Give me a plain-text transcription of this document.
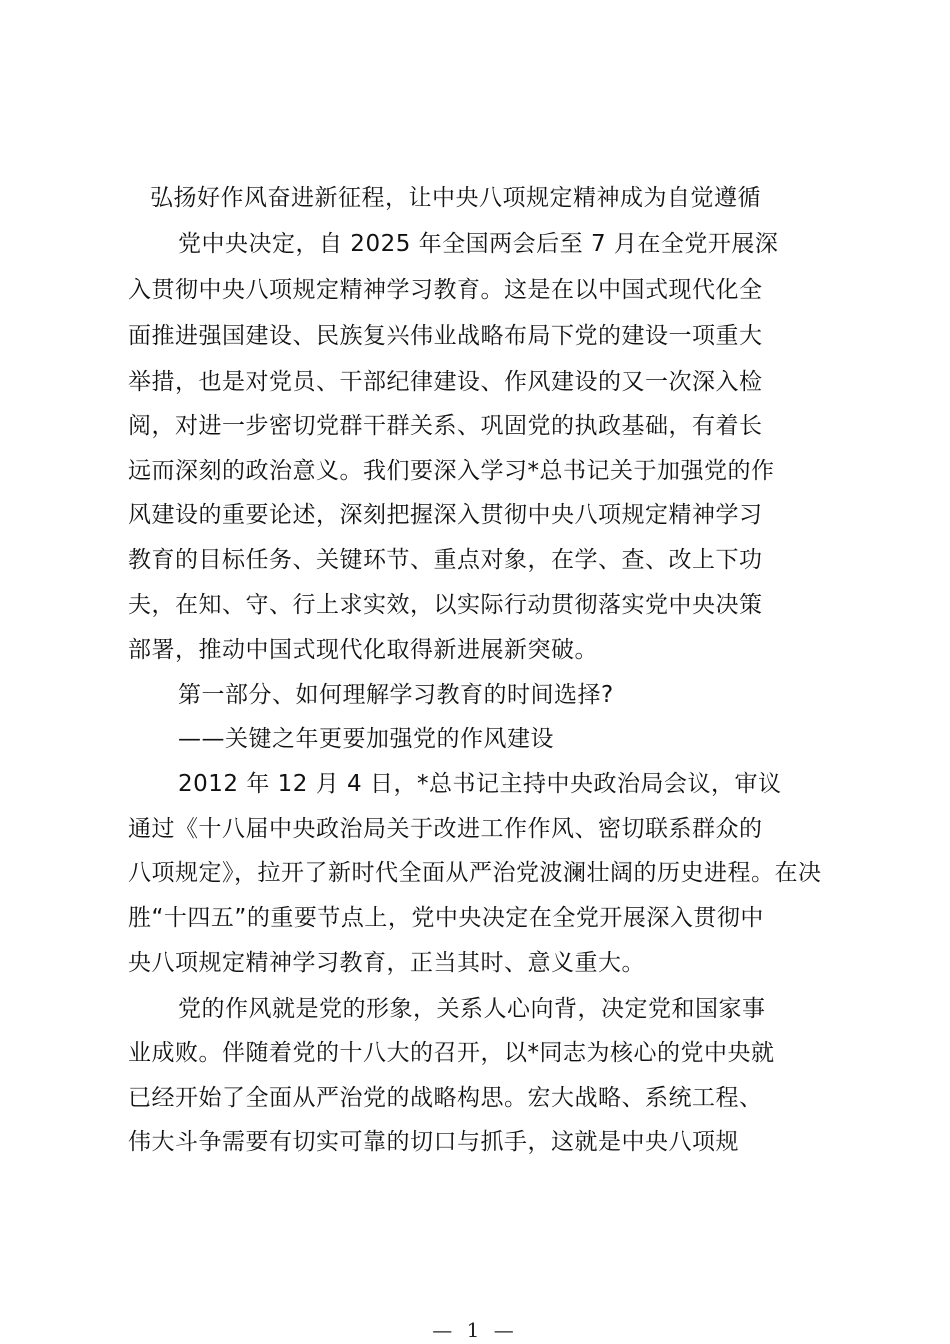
弘扬好作风奋进新征程，让中央八项规定精神成为自觉遵循
党中央决定，自 2025 年全国两会后至 7 月在全党开展深
入贯彻中央八项规定精神学习教育。这是在以中国式现代化全
面推进强国建设、民族复兴伟业战略布局下党的建设一项重大
举措，也是对党员、干部纪律建设、作风建设的又一次深入检
阅，对进一步密切党群干群关系、巩固党的执政基础，有着长
远而深刻的政治意义。我们要深入学习*总书记关于加强党的作
风建设的重要论述，深刻把握深入贯彻中央八项规定精神学习
教育的目标任务、关键环节、重点对象，在学、查、改上下功
夫，在知、守、行上求实效，以实际行动贯彻落实党中央决策
部署，推动中国式现代化取得新进展新突破。
第一部分、如何理解学习教育的时间选择?
——关键之年更要加强党的作风建设
2012 年 12 月 4 日，*总书记主持中央政治局会议，审议
通过《十八届中央政治局关于改进工作作风、密切联系群众的
八项规定》，拉开了新时代全面从严治党波澜壮阔的历史进程。在决
胜“十四五”的重要节点上，党中央决定在全党开展深入贯彻中
央八项规定精神学习教育，正当其时、意义重大。
党的作风就是党的形象，关系人心向背，决定党和国家事
业成败。伴随着党的十八大的召开，以*同志为核心的党中央就
已经开始了全面从严治党的战略构思。宏大战略、系统工程、
伟大斗争需要有切实可靠的切口与抓手，这就是中央八项规
— 1 —
